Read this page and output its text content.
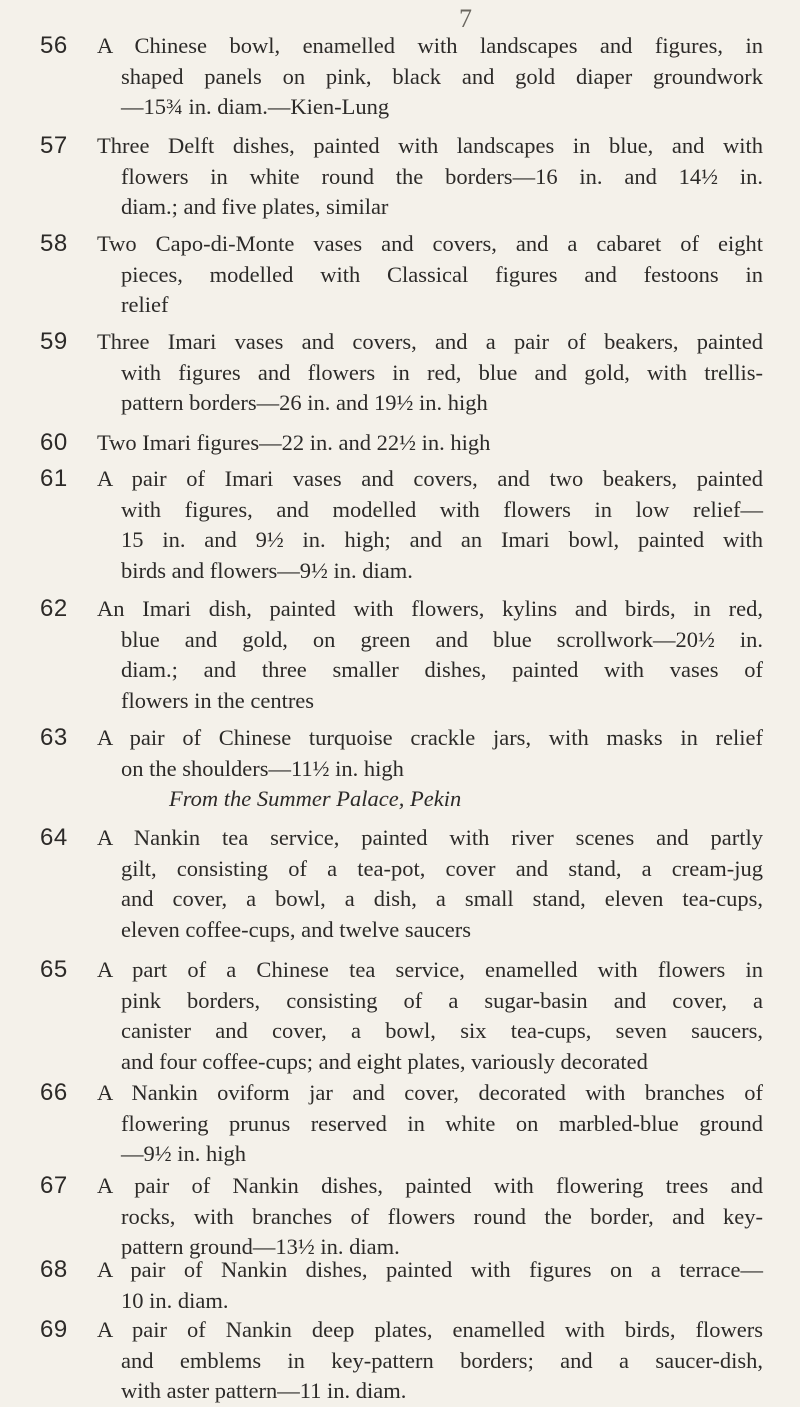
7
56	A Chinese bowl, enamelled with landscapes and figures, in
shaped panels on pink, black and gold diaper groundwork
—15¾ in. diam.—Kien-Lung
57	Three Delft dishes, painted with landscapes in blue, and with
flowers in white round the borders—16 in. and 14½ in.
diam.; and five plates, similar
58	Two Capo-di-Monte vases and covers, and a cabaret of eight
pieces, modelled with Classical figures and festoons in
relief
59	Three Imari vases and covers, and a pair of beakers, painted
with figures and flowers in red, blue and gold, with trellis-
pattern borders—26 in. and 19½ in. high
60	Two Imari figures—22 in. and 22½ in. high
61	A pair of Imari vases and covers, and two beakers, painted
with figures, and modelled with flowers in low relief—
15 in. and 9½ in. high; and an Imari bowl, painted with
birds and flowers—9½ in. diam.
62	An Imari dish, painted with flowers, kylins and birds, in red,
blue and gold, on green and blue scrollwork—20½ in.
diam.; and three smaller dishes, painted with vases of
flowers in the centres
63	A pair of Chinese turquoise crackle jars, with masks in relief
on the shoulders—11½ in. high
From the Summer Palace, Pekin
64	A Nankin tea service, painted with river scenes and partly
gilt, consisting of a tea-pot, cover and stand, a cream-jug
and cover, a bowl, a dish, a small stand, eleven tea-cups,
eleven coffee-cups, and twelve saucers
65	A part of a Chinese tea service, enamelled with flowers in
pink borders, consisting of a sugar-basin and cover, a
canister and cover, a bowl, six tea-cups, seven saucers,
and four coffee-cups; and eight plates, variously decorated
66	A Nankin oviform jar and cover, decorated with branches of
flowering prunus reserved in white on marbled-blue ground
—9½ in. high
67	A pair of Nankin dishes, painted with flowering trees and
rocks, with branches of flowers round the border, and key-
pattern ground—13½ in. diam.
68	A pair of Nankin dishes, painted with figures on a terrace—
10 in. diam.
69	A pair of Nankin deep plates, enamelled with birds, flowers
and emblems in key-pattern borders; and a saucer-dish,
with aster pattern—11 in. diam.
